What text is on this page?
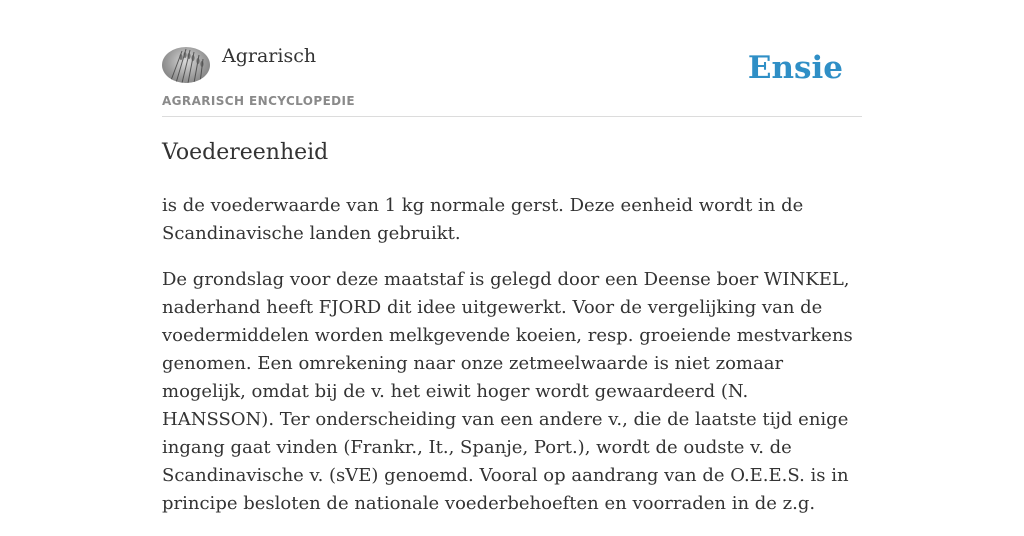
Agrarisch
AGRARISCH ENCYCLOPEDIE
Ensie
Voedereenheid

is de voederwaarde van 1 kg normale gerst. Deze eenheid wordt in de Scandinavische landen gebruikt.

De grondslag voor deze maatstaf is gelegd door een Deense boer WINKEL, naderhand heeft FJORD dit idee uitgewerkt. Voor de vergelijking van de voedermiddelen worden melkgevende koeien, resp. groeiende mestvarkens genomen. Een omrekening naar onze zetmeelwaarde is niet zomaar mogelijk, omdat bij de v. het eiwit hoger wordt gewaardeerd (N. HANSSON). Ter onderscheiding van een andere v., die de laatste tijd enige ingang gaat vinden (Frankr., It., Spanje, Port.), wordt de oudste v. de Scandinavische v. (sVE) genoemd. Vooral op aandrang van de O.E.E.S. is in principe besloten de nationale voederbehoeften en voorraden in de z.g.
